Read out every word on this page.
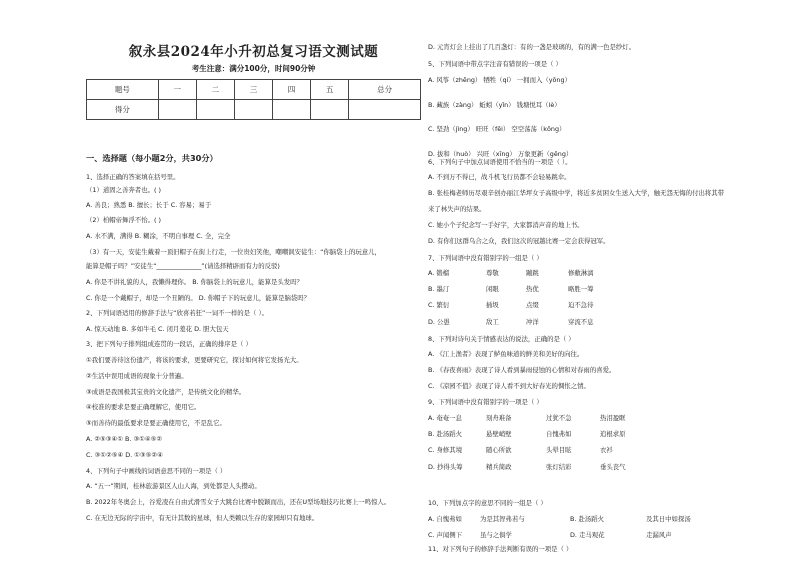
叙永县2024年小升初总复习语文测试题
考生注意：满分100分，时间90分钟
题号	一	二	三	四	五	总分
得分						
一、选择题（每小题2分，共30分）
1、选择正确的答案填在括号里。
（1）道固之善奔者也。( )
A. 善良；熟悉 B. 擅长；长于 C. 容易；易于
（2）柏帽帝舞浮不怡。( )
A. 水不满，满得 B. 糊涂，不明自事理 C. 全，完全
（3）有一天，安徒生戴着一顶旧帽子在街上行走，一位贵妇笑他，嘲嘲讽安徒生：“你脑袋上的玩意儿，
能算是帽子吗？”安徒生“______________”(请选择精辟而有力的反驳)
A. 你是不讲礼貌的人，我懒得理你。 B. 你脑袋上的玩意儿，能算是头发吗？
C. 你是一个戴帽子，却是一个丑陋的。 D. 你帽子下的玩意儿，能算是脑袋吗？
2、下列词语适用的修辞手法与“欣喜若狂”一词不一样的是（ ）。
A. 惊天动地 B. 多如牛毛 C. 闭月羞花 D. 胆大包天
3、把下列句子排列组成连贯的一段话，正确的排序是（ ）
①我们要善待这份遗产，将该的要求，更要研究它，探讨如何将它发扬光大。
②生活中误用成语的现象十分普遍。
③成语是我国极其宝贵的文化遗产，是传统文化的精华。
④校准的要求是要正确理解它，使用它。
⑤而善待的最低要求是要正确使用它，不是乱它。
A. ②⑤③④① B. ③①④⑤②
C. ③①②⑤④ D. ①③⑤②④
4、下列句子中画线的词语意思不同的一项是（ ）
A. “五一”期间，桂林旅游景区人山人海，到处都是人头攒动。
B. 2022年冬奥会上，谷爱凌在自由式滑雪女子大跳台比赛中脱颖而出，还在U型场地技巧比赛上一鸣惊人。
C. 在无边无际的宇宙中，有无计其数的星球，但人类赖以生存的家园却只有地球。
D. 元宵灯会上挂出了几百盏灯：有的一盏是玻璃的，有的满一色是纱灯。
5、下列词语中带点字注音有错误的一项是（ ）
6、下列句子中加点词语使用不恰当的一项是（ ）。
A. 不到万不得已，战斗机飞行员都不会轻易跳伞。
B. 张桂梅老师历尽艰辛创办丽江华坪女子高级中学，将近多贫困女生送入大学，触无怨无悔的付出将其带
来了林失声的结果。
C. 她小个子纪念写一手好字，大家都消声音的地上书。
D. 有你们这群乌合之众，我们这次的冠越比赛一定会获得冠军。
7、下列词语中没有错别字的一组是（ ）
8、下列对诗句关于情感表达的说法，正确的是（ ）
A. 《江上渔者》表现了鲈鱼味道的鲜美和美好的向往。
B. 《春夜喜雨》表现了诗人看到暴雨侵蚀的心情和对春雨的喜爱。
C. 《凉园不值》表现了诗人看不到大好春光的惆怅之情。
9、下列词语中没有错别字的一项是（ ）
10、下列加点字的意思不同的一组是（ ）
11、对下列句子的修辞手法判断有误的一项是（ ）
A. 风筝（zhēng） 牺牲（qí） 一拥而入（yōng）
B. 藏族（zàng） 蚯蚓（yǐn） 钱塘悦耳（lè）
C. 坚劲（jìng） 旺旺（fēi） 空空荡荡（kōng）
D. 拔和（huò） 兴旺（xīng） 万象更新（gēng）
A. 锻榴	尊敬	蹦跳	修敝淋漓
B. 墨汀	闲眼	热优	略胜一筹
C. 繁衍	插圾	点缀	迫不急待
D. 公愚	敌工	冲洋	穿流不息
A. 奄奄一息	刻舟难备	过犹不急	热泪盈眶
B. 赴汤蹈火	悬壁峭壁	自愧弗如	追根求原
C. 身修其境	随心所欲	头晕目眩	衣衫
D. 抄得头筹	精兵简政	张灯结彩	垂头丧气
A. 自愧弗如	为是其智弗若与	B. 赴汤蹈火	及其日中如探汤
C. 声闻侧下	虽与之俱学	D. 走马观花	走漏风声
